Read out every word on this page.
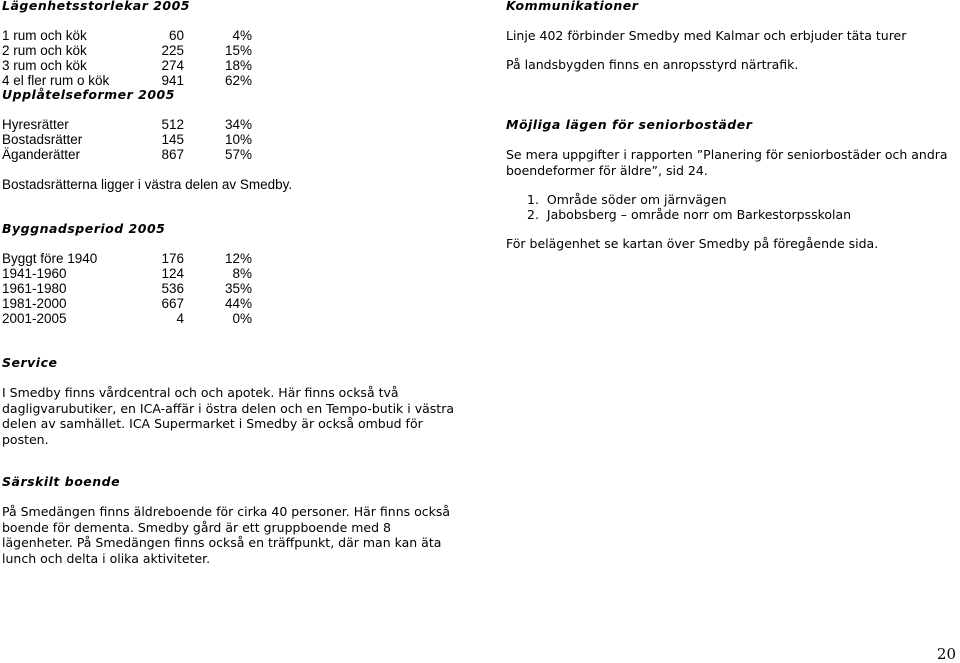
Lägenhetsstorlekar 2005
1 rum och kök	60	4%
2 rum och kök	225	15%
3 rum och kök	274	18%
4 el fler rum o kök	941	62%
Upplåtelseformer 2005
Hyresrätter	512	34%
Bostadsrätter	145	10%
Äganderätter	867	57%
Bostadsrätterna ligger i västra delen av Smedby.
Byggnadsperiod 2005
Byggt före 1940	176	12%
1941-1960	124	8%
1961-1980	536	35%
1981-2000	667	44%
2001-2005	4	0%
Kommunikationer
Linje 402 förbinder Smedby med Kalmar och erbjuder täta turer
På landsbygden finns en anropsstyrd närtrafik.
Möjliga lägen för seniorbostäder
Se mera uppgifter i rapporten ”Planering för seniorbostäder och andra
boendeformer för äldre”, sid 24.
1. Område söder om järnvägen
2. Jabobsberg – område norr om Barkestorpsskolan
För belägenhet se kartan över Smedby på föregående sida.
Service
I Smedby finns vårdcentral och och apotek. Här finns också två
dagligvarubutiker, en ICA-affär i östra delen och en Tempo-butik i västra
delen av samhället. ICA Supermarket i Smedby är också ombud för
posten.
Särskilt boende
På Smedängen finns äldreboende för cirka 40 personer. Här finns också
boende för dementa. Smedby gård är ett gruppboende med 8
lägenheter. På Smedängen finns också en träffpunkt, där man kan äta
lunch och delta i olika aktiviteter.
20
